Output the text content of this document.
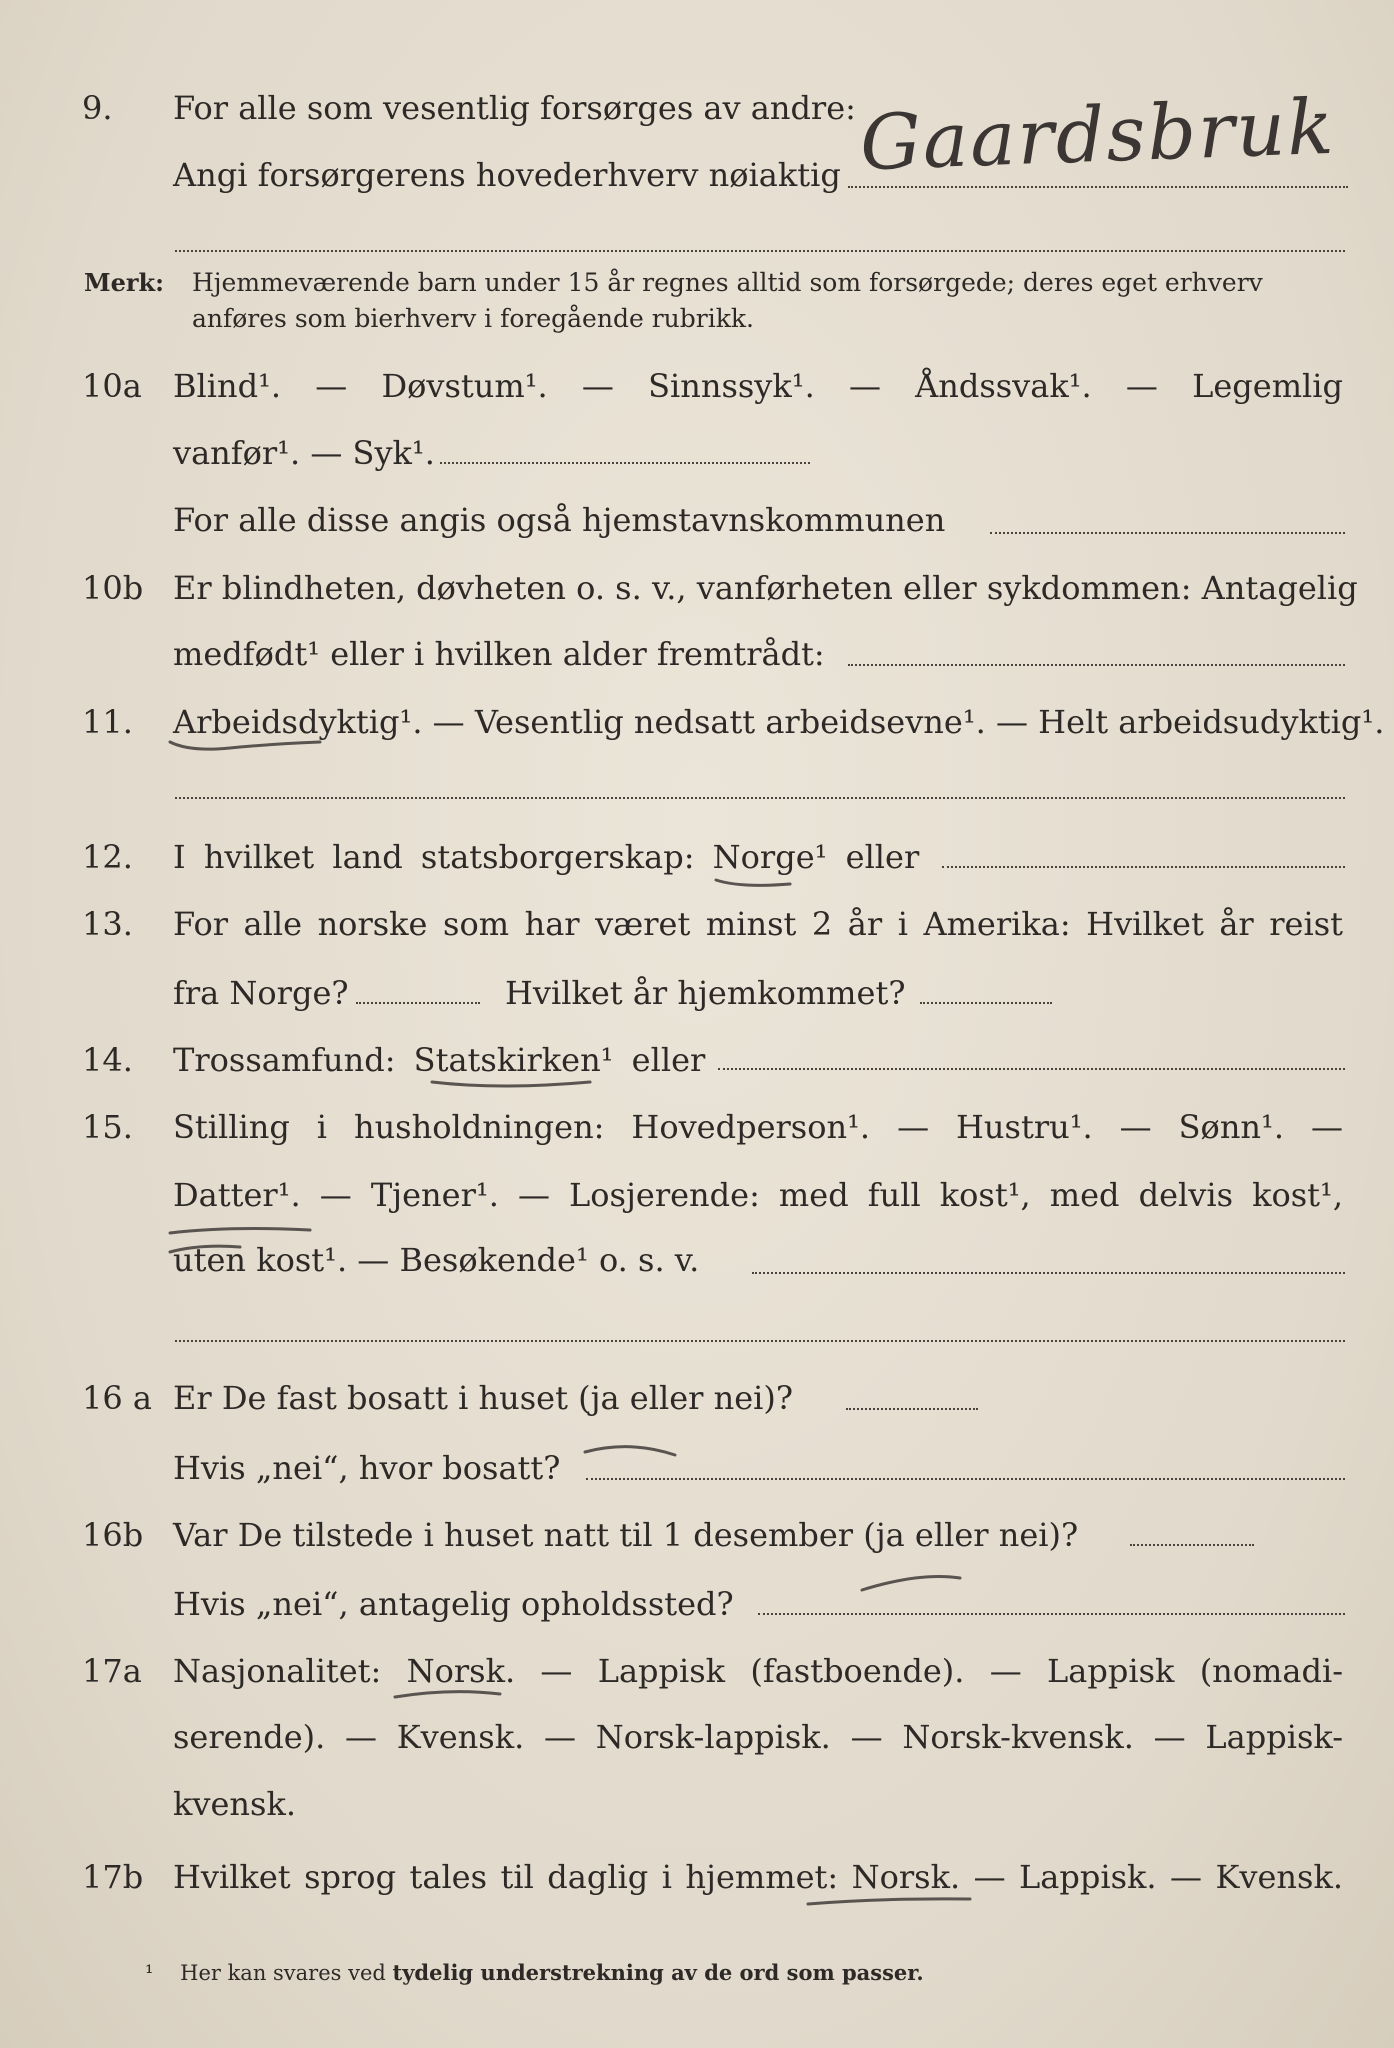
9.	For alle som vesentlig forsørges av andre:
Angi forsørgerens hovederhverv nøiaktig Gaardsbruk
Merk: Hjemmeværende barn under 15 år regnes alltid som forsørgede; deres eget erhverv
anføres som bierhverv i foregående rubrikk.
10a Blind¹. — Døvstum¹. — Sinnssyk¹. — Åndssvak¹. — Legemlig
vanfør¹. — Syk¹.
For alle disse angis også hjemstavnskommunen
10b Er blindheten, døvheten o. s. v., vanførheten eller sykdommen: Antagelig
medfødt¹ eller i hvilken alder fremtrådt:
11.	Arbeidsdyktig¹. — Vesentlig nedsatt arbeidsevne¹. — Helt arbeidsudyktig¹.
12.	I hvilket land statsborgerskap: Norge¹ eller
13.	For alle norske som har været minst 2 år i Amerika: Hvilket år reist
fra Norge?	Hvilket år hjemkommet?
14.	Trossamfund: Statskirken¹ eller
15.	Stilling i husholdningen: Hovedperson¹. — Hustru¹. — Sønn¹. —
Datter¹. — Tjener¹. — Losjerende: med full kost¹, med delvis kost¹,
uten kost¹. — Besøkende¹ o. s. v.
16 a Er De fast bosatt i huset (ja eller nei)?
Hvis „nei“, hvor bosatt?
16b Var De tilstede i huset natt til 1 desember (ja eller nei)?
Hvis „nei“, antagelig opholdssted?
17a Nasjonalitet: Norsk. — Lappisk (fastboende). — Lappisk (nomadi-
serende). — Kvensk. — Norsk-lappisk. — Norsk-kvensk. — Lappisk-
kvensk.
17b Hvilket sprog tales til daglig i hjemmet: Norsk. — Lappisk. — Kvensk.
¹ Her kan svares ved tydelig understrekning av de ord som passer.
